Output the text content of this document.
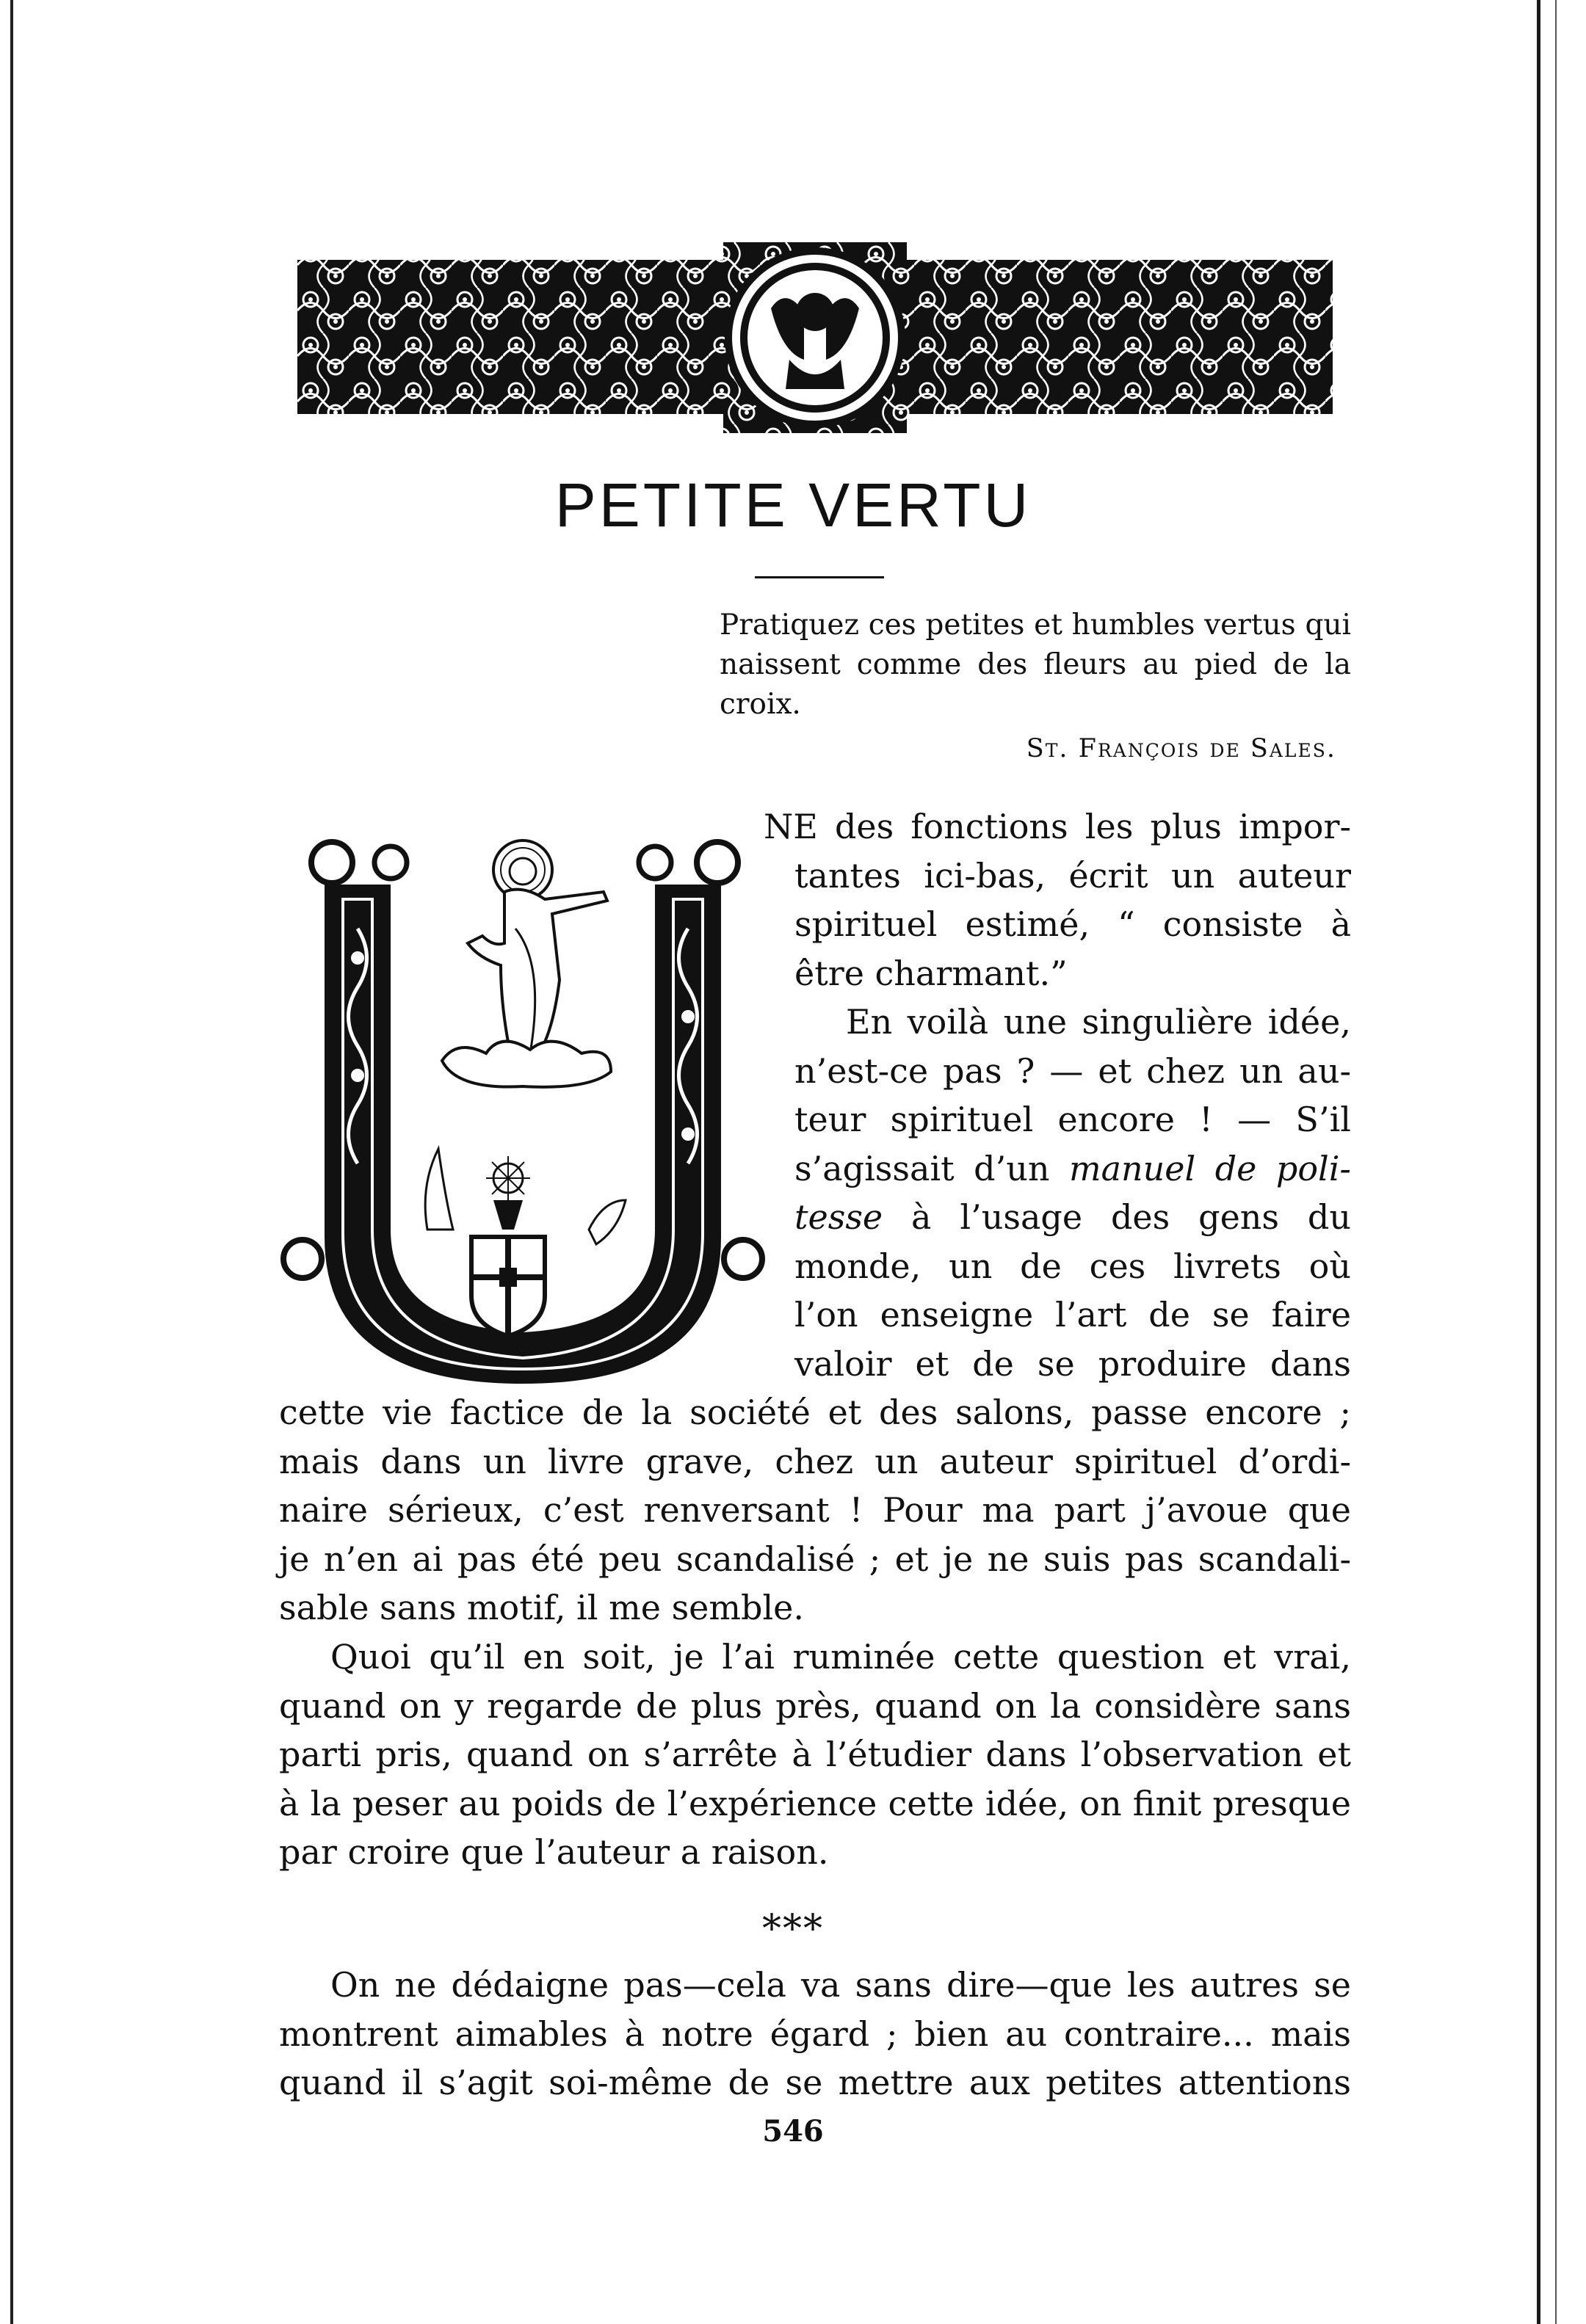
PETITE VERTU
Pratiquez ces petites et humbles vertus qui naissent comme des fleurs au pied de la croix.
St. François de Sales.

NE des fonctions les plus impor-

tantes ici-bas, écrit un auteur

spirituel estimé, “ consiste à

être charmant.”

En voilà une singulière idée,

n’est-ce pas ? — et chez un au-

teur spirituel encore ! — S’il

s’agissait d’un manuel de poli-

tesse à l’usage des gens du

monde, un de ces livrets où

l’on enseigne l’art de se faire

valoir et de se produire dans

cette vie factice de la société et des salons, passe encore ;

mais dans un livre grave, chez un auteur spirituel d’ordi-

naire sérieux, c’est renversant ! Pour ma part j’avoue que

je n’en ai pas été peu scandalisé ; et je ne suis pas scandali-

sable sans motif, il me semble.

Quoi qu’il en soit, je l’ai ruminée cette question et vrai,

quand on y regarde de plus près, quand on la considère sans

parti pris, quand on s’arrête à l’étudier dans l’observation et

à la peser au poids de l’expérience cette idée, on finit presque

par croire que l’auteur a raison.

***

On ne dédaigne pas—cela va sans dire—que les autres se

montrent aimables à notre égard ; bien au contraire... mais

quand il s’agit soi-même de se mettre aux petites attentions

546
